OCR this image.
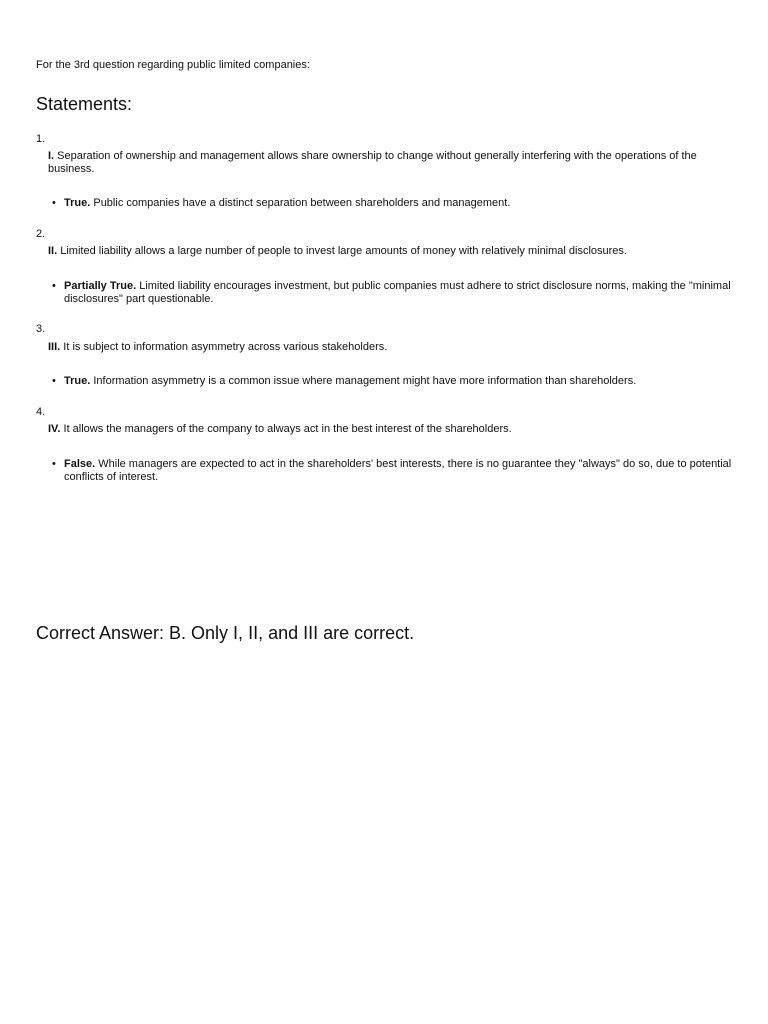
For the 3rd question regarding public limited companies:
Statements:
1.
I. Separation of ownership and management allows share ownership to change without generally interfering with the operations of the business.
• True. Public companies have a distinct separation between shareholders and management.
2.
II. Limited liability allows a large number of people to invest large amounts of money with relatively minimal disclosures.
• Partially True. Limited liability encourages investment, but public companies must adhere to strict disclosure norms, making the "minimal disclosures" part questionable.
3.
III. It is subject to information asymmetry across various stakeholders.
• True. Information asymmetry is a common issue where management might have more information than shareholders.
4.
IV. It allows the managers of the company to always act in the best interest of the shareholders.
• False. While managers are expected to act in the shareholders' best interests, there is no guarantee they "always" do so, due to potential conflicts of interest.
Correct Answer: B. Only I, II, and III are correct.
